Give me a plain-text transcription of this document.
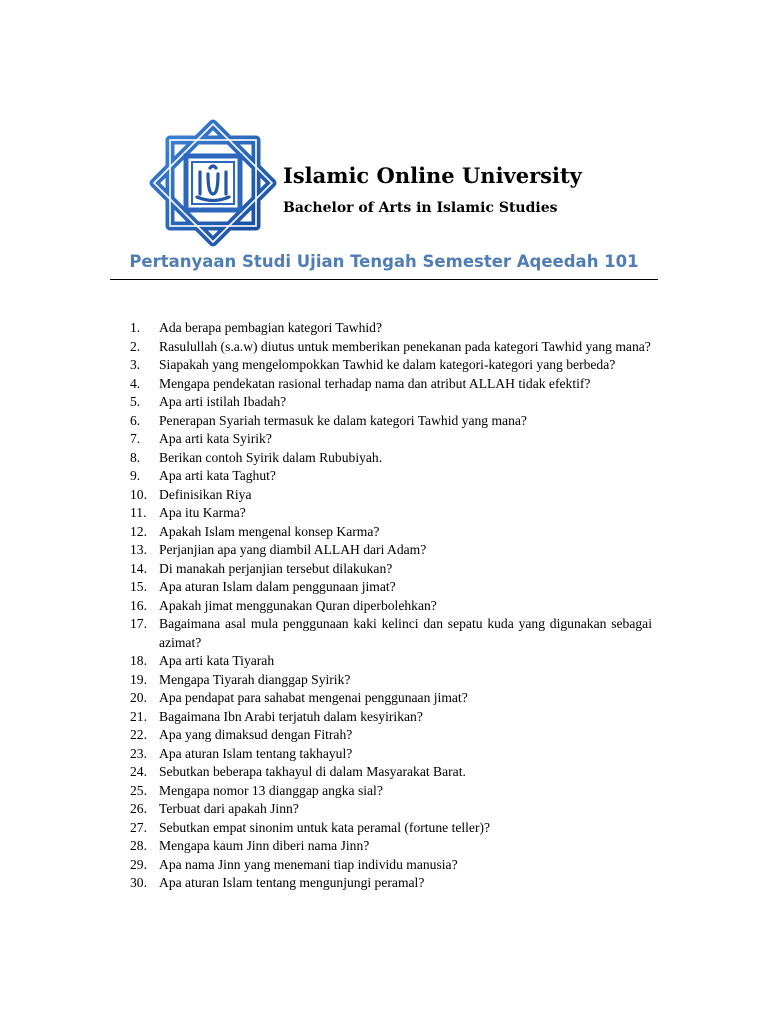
Islamic Online University
Bachelor of Arts in Islamic Studies
Pertanyaan Studi Ujian Tengah Semester Aqeedah 101
1.	Ada berapa pembagian kategori Tawhid?
2.	Rasulullah (s.a.w) diutus untuk memberikan penekanan pada kategori Tawhid yang mana?
3.	Siapakah yang mengelompokkan Tawhid ke dalam kategori-kategori yang berbeda?
4.	Mengapa pendekatan rasional terhadap nama dan atribut ALLAH tidak efektif?
5.	Apa arti istilah Ibadah?
6.	Penerapan Syariah termasuk ke dalam kategori Tawhid yang mana?
7.	Apa arti kata Syirik?
8.	Berikan contoh Syirik dalam Rububiyah.
9.	Apa arti kata Taghut?
10. Definisikan Riya
11. Apa itu Karma?
12. Apakah Islam mengenal konsep Karma?
13. Perjanjian apa yang diambil ALLAH dari Adam?
14. Di manakah perjanjian tersebut dilakukan?
15. Apa aturan Islam dalam penggunaan jimat?
16. Apakah jimat menggunakan Quran diperbolehkan?
17. Bagaimana asal mula penggunaan kaki kelinci dan sepatu kuda yang digunakan sebagai azimat?
18. Apa arti kata Tiyarah
19. Mengapa Tiyarah dianggap Syirik?
20. Apa pendapat para sahabat mengenai penggunaan jimat?
21. Bagaimana Ibn Arabi terjatuh dalam kesyirikan?
22. Apa yang dimaksud dengan Fitrah?
23. Apa aturan Islam tentang takhayul?
24. Sebutkan beberapa takhayul di dalam Masyarakat Barat.
25. Mengapa nomor 13 dianggap angka sial?
26. Terbuat dari apakah Jinn?
27. Sebutkan empat sinonim untuk kata peramal (fortune teller)?
28. Mengapa kaum Jinn diberi nama Jinn?
29. Apa nama Jinn yang menemani tiap individu manusia?
30. Apa aturan Islam tentang mengunjungi peramal?
